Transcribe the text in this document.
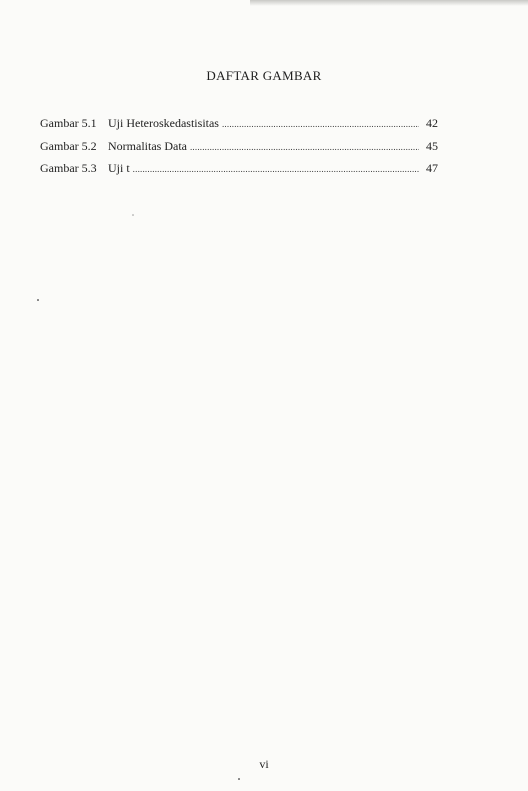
DAFTAR GAMBAR
Gambar 5.1 Uji Heteroskedastisitas .....	42
Gambar 5.2 Normalitas Data .....	45
Gambar 5.3 Uji t .....	47
vi
